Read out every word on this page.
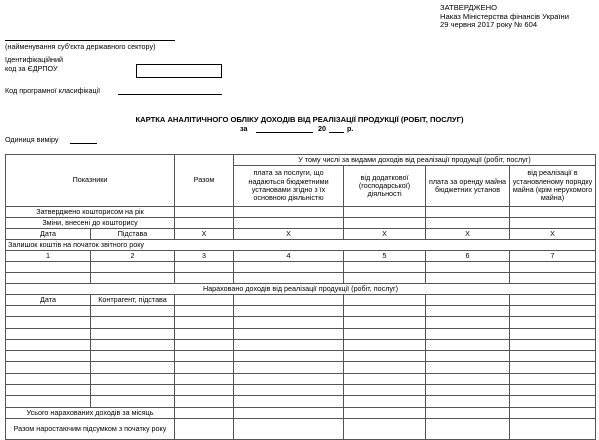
ЗАТВЕРДЖЕНО
Наказ Міністерства фінансів України
29 червня 2017 року № 604
(найменування суб'єкта державного сектору)
Ідентифікаційний
код за ЄДРПОУ
Код програмної класифікації
КАРТКА АНАЛІТИЧНОГО ОБЛІКУ ДОХОДІВ ВІД РЕАЛІЗАЦІЇ ПРОДУКЦІЇ (РОБІТ, ПОСЛУГ)
за	20	р.
Одиниця виміру
Показники		Разом	У тому числі за видами доходів від реалізації продукції (робіт, послуг)			
			плата за послуги, що надаються бюджетними установами згідно з їх основною діяльністю	від додаткової (господарської) діяльності	плата за оренду майна бюджетних установ	від реалізації в установленому порядку майна (крім нерухомого майна)
Затверджено кошторисом на рік						
Зміни, внесені до кошторису						
Дата	Підстава	X	X	X	X	X
Залишок коштів на початок звітного року						
1	2	3	4	5	6	7

Нараховано доходів від реалізації продукції (робіт, послуг)						
Дата	Контрагент, підстава					

Усього нарахованих доходів за місяць						
Разом наростаючим підсумком з початку року						
